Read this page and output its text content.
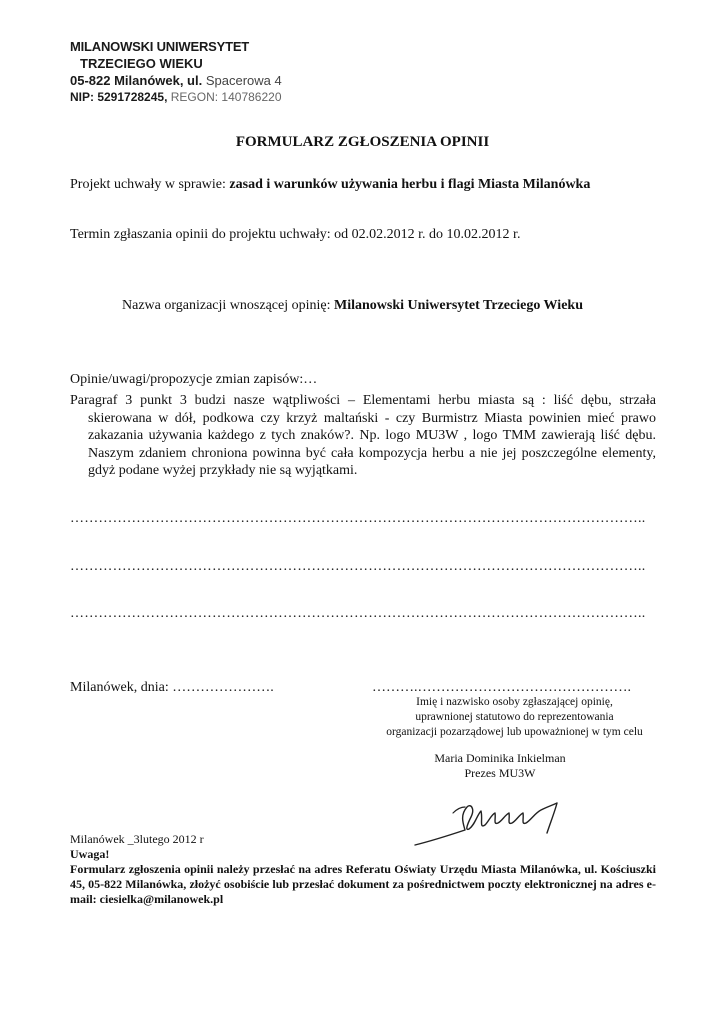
MILANOWSKI UNIWERSYTET
TRZECIEGO WIEKU
05-822 Milanówek, ul. Spacerowa 4
NIP: 5291728245, REGON: 140786220
FORMULARZ ZGŁOSZENIA OPINII
Projekt uchwały w sprawie: zasad i warunków używania herbu i flagi Miasta Milanówka
Termin zgłaszania opinii do projektu uchwały: od 02.02.2012 r. do 10.02.2012 r.
Nazwa organizacji wnoszącej opinię: Milanowski Uniwersytet Trzeciego Wieku
Opinie/uwagi/propozycje zmian zapisów:…
Paragraf 3 punkt 3 budzi nasze wątpliwości – Elementami herbu miasta są : liść dębu, strzała skierowana w dół, podkowa czy krzyż maltański - czy Burmistrz Miasta powinien mieć prawo zakazania używania każdego z tych znaków?. Np. logo MU3W , logo TMM zawierają liść dębu. Naszym zdaniem chroniona powinna być cała kompozycja herbu a nie jej poszczególne elementy, gdyż podane wyżej przykłady nie są wyjątkami.
…………………………………………………………………………………………………………..
…………………………………………………………………………………………………………..
…………………………………………………………………………………………………………..
Milanówek, dnia: ………………….	……….……………………………………….
Imię i nazwisko osoby zgłaszającej opinię,
uprawnionej statutowo do reprezentowania
organizacji pozarządowej lub upoważnionej w tym celu
Maria Dominika Inkielman
Prezes MU3W
Milanówek _3lutego 2012 r
Uwaga!
Formularz zgłoszenia opinii należy przesłać na adres Referatu Oświaty Urzędu Miasta Milanówka, ul. Kościuszki 45, 05-822 Milanówka, złożyć osobiście lub przesłać dokument za pośrednictwem poczty elektronicznej na adres e-mail: ciesielka@milanowek.pl
